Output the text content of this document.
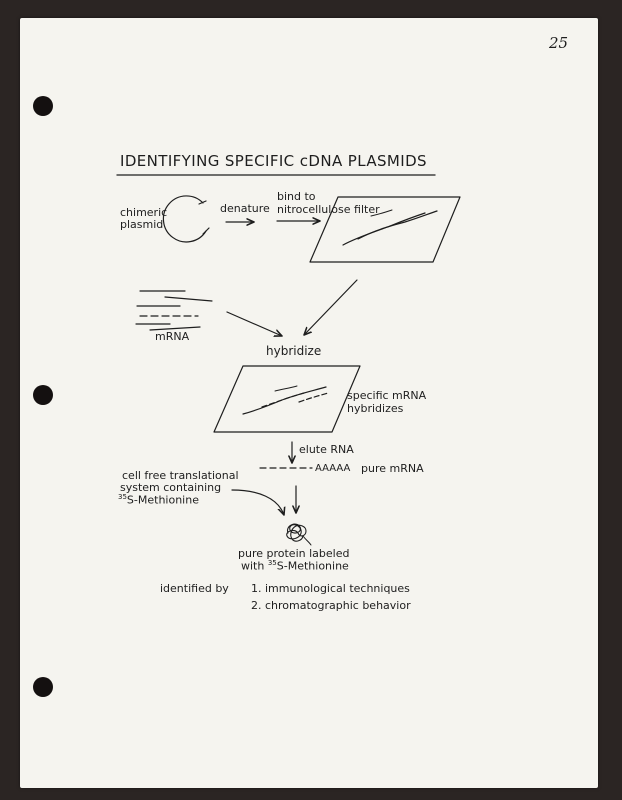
25
IDENTIFYING SPECIFIC cDNA PLASMIDS
chimeric
plasmid
denature
bind to
nitrocellulose filter
mRNA
hybridize
specific mRNA
hybridizes
elute RNA
AAAAA pure mRNA
cell free translational
system containing
$^{35}$S-Methionine
pure protein labeled
with $^{35}$S-Methionine
identified by 1. immunological techniques
2. chromatographic behavior
